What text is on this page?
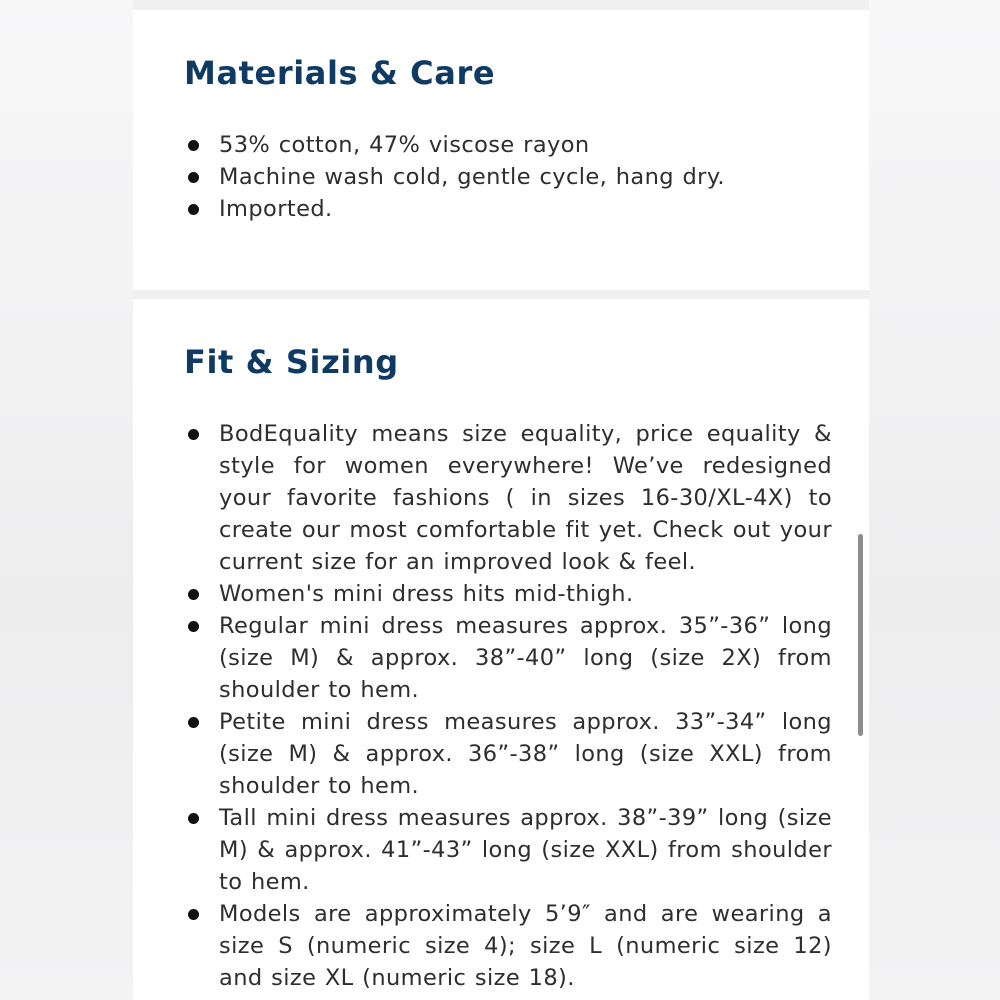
Materials & Care
53% cotton, 47% viscose rayon
Machine wash cold, gentle cycle, hang dry.
Imported.
Fit & Sizing
BodEquality means size equality, price equality & style for women everywhere! We’ve redesigned your favorite fashions ( in sizes 16-30/XL-4X) to create our most comfortable fit yet. Check out your current size for an improved look & feel.
Women's mini dress hits mid-thigh.
Regular mini dress measures approx. 35”-36” long (size M) & approx. 38”-40” long (size 2X) from shoulder to hem.
Petite mini dress measures approx. 33”-34” long (size M) & approx. 36”-38” long (size XXL) from shoulder to hem.
Tall mini dress measures approx. 38”-39” long (size M) & approx. 41”-43” long (size XXL) from shoulder to hem.
Models are approximately 5’9″ and are wearing a size S (numeric size 4); size L (numeric size 12) and size XL (numeric size 18).
